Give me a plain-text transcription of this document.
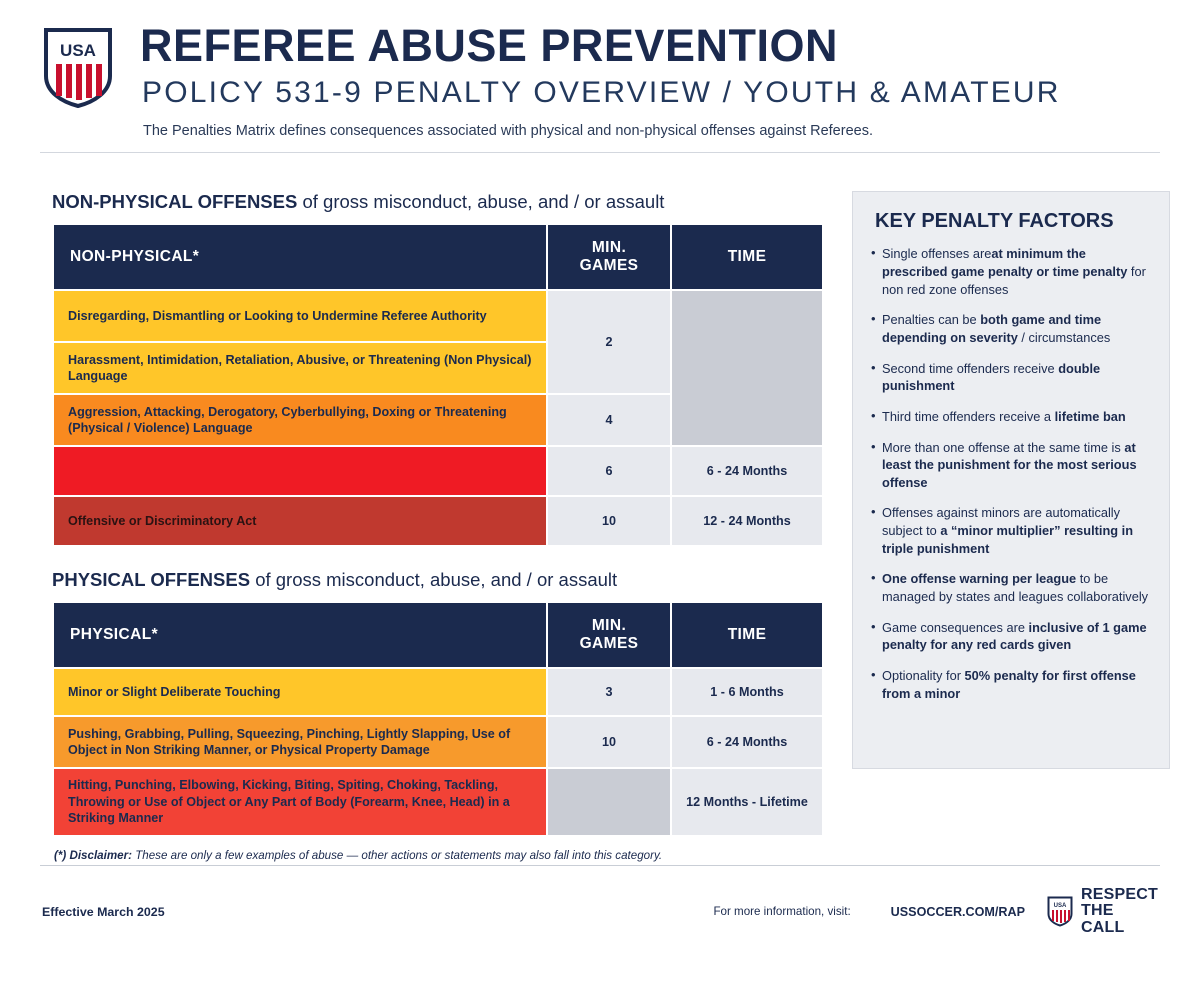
USA REFEREE ABUSE PREVENTION
POLICY 531-9 PENALTY OVERVIEW / YOUTH & AMATEUR
The Penalties Matrix defines consequences associated with physical and non-physical offenses against Referees.
NON-PHYSICAL OFFENSES of gross misconduct, abuse, and / or assault
NON-PHYSICAL*	MIN. GAMES	TIME
Disregarding, Dismantling or Looking to Undermine Referee Authority	2	
Harassment, Intimidation, Retaliation, Abusive, or Threatening (Non Physical) Language		
Aggression, Attacking, Derogatory, Cyberbullying, Doxing or Threatening (Physical / Violence) Language	4	
	6	6 - 24 Months
Offensive or Discriminatory Act	10	12 - 24 Months
PHYSICAL OFFENSES of gross misconduct, abuse, and / or assault
PHYSICAL*	MIN. GAMES	TIME
Minor or Slight Deliberate Touching	3	1 - 6 Months
Pushing, Grabbing, Pulling, Squeezing, Pinching, Lightly Slapping, Use of Object in Non Striking Manner, or Physical Property Damage	10	6 - 24 Months
Hitting, Punching, Elbowing, Kicking, Biting, Spiting, Choking, Tackling, Throwing or Use of Object or Any Part of Body (Forearm, Knee, Head) in a Striking Manner		12 Months - Lifetime
(*) Disclaimer: These are only a few examples of abuse — other actions or statements may also fall into this category.
KEY PENALTY FACTORS
• Single offenses areat minimum the prescribed game penalty or time penalty for non red zone offenses
• Penalties can be both game and time depending on severity / circumstances
• Second time offenders receive double punishment
• Third time offenders receive a lifetime ban
• More than one offense at the same time is at least the punishment for the most serious offense
• Offenses against minors are automatically subject to a “minor multiplier” resulting in triple punishment
• One offense warning per league to be managed by states and leagues collaboratively
• Game consequences are inclusive of 1 game penalty for any red cards given
• Optionality for 50% penalty for first offense from a minor
Effective March 2025	For more information, visit:	USSOCCER.COM/RAP	USA
RESPECT
THE
CALL
